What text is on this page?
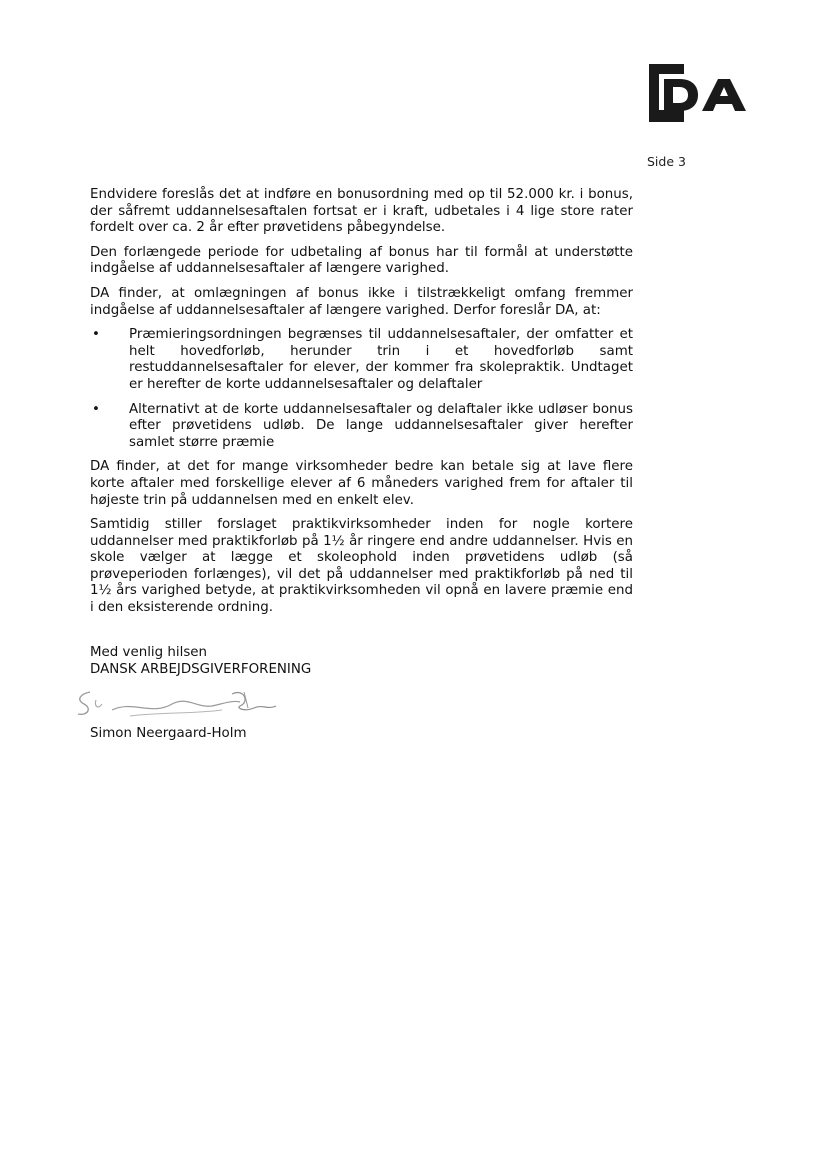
Side 3

Endvidere foreslås det at indføre en bonusordning med op til 52.000 kr. i bonus, der såfremt uddannelsesaftalen fortsat er i kraft, udbetales i 4 lige store rater fordelt over ca. 2 år efter prøvetidens påbegyndelse.

Den forlængede periode for udbetaling af bonus har til formål at understøtte indgåelse af uddannelsesaftaler af længere varighed.

DA finder, at omlægningen af bonus ikke i tilstrækkeligt omfang fremmer indgåelse af uddannelsesaftaler af længere varighed. Derfor foreslår DA, at:

• Præmieringsordningen begrænses til uddannelsesaftaler, der omfatter et helt hovedforløb, herunder trin i et hovedforløb samt restuddannelsesaftaler for elever, der kommer fra skolepraktik. Undtaget er herefter de korte uddannelsesaftaler og delaftaler
• Alternativt at de korte uddannelsesaftaler og delaftaler ikke udløser bonus efter prøvetidens udløb. De lange uddannelsesaftaler giver herefter samlet større præmie

DA finder, at det for mange virksomheder bedre kan betale sig at lave flere korte aftaler med forskellige elever af 6 måneders varighed frem for aftaler til højeste trin på uddannelsen med en enkelt elev.

Samtidig stiller forslaget praktikvirksomheder inden for nogle kortere uddannelser med praktikforløb på 1½ år ringere end andre uddannelser. Hvis en skole vælger at lægge et skoleophold inden prøvetidens udløb (så prøveperioden forlænges), vil det på uddannelser med praktikforløb på ned til 1½ års varighed betyde, at praktikvirksomheden vil opnå en lavere præmie end i den eksisterende ordning.

Med venlig hilsen
DANSK ARBEJDSGIVERFORENING
Simon Neergaard-Holm
